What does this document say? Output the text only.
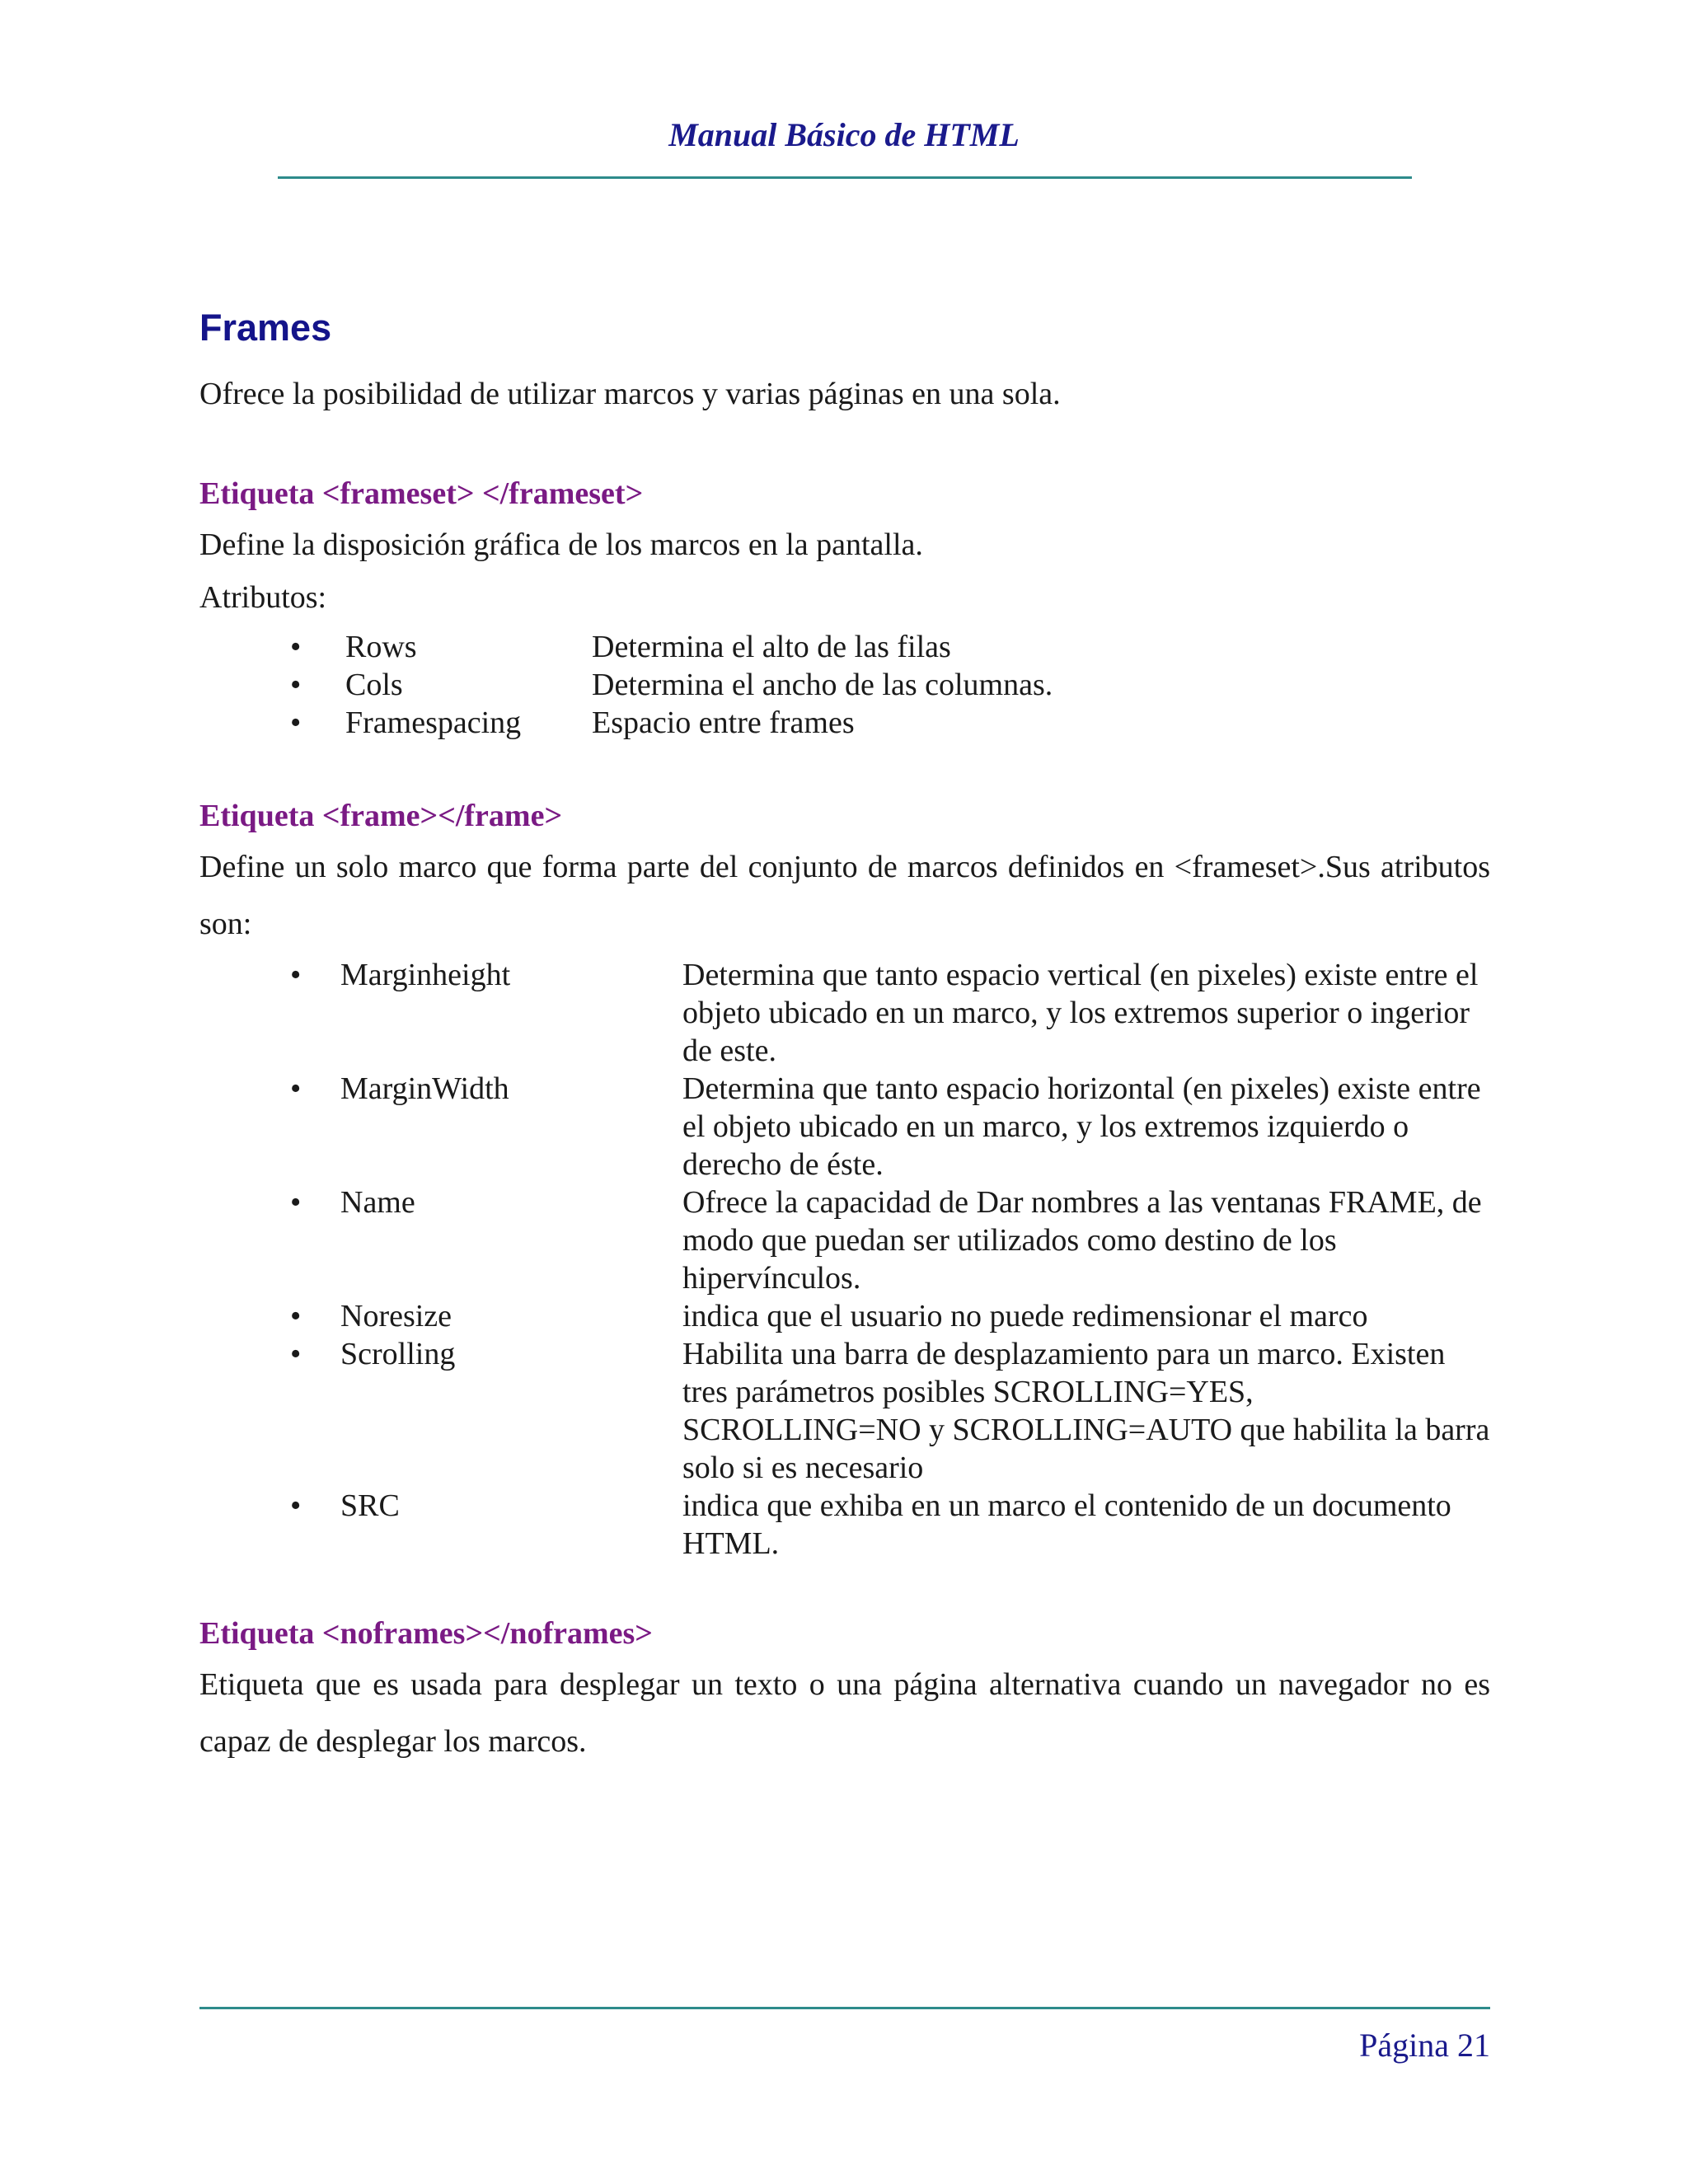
Manual Básico de HTML
Frames

Ofrece la posibilidad de utilizar marcos y varias páginas en una sola.

Etiqueta <frameset> </frameset>

Define la disposición gráfica de los marcos en la pantalla.

Atributos:

•	Rows	Determina el alto de las filas
•	Cols	Determina el ancho de las columnas.
•	Framespacing	Espacio entre frames
Etiqueta <frame></frame>

Define un solo marco que forma parte del conjunto de marcos definidos en <frameset>.Sus atributos son:

•	Marginheight	Determina que tanto espacio vertical (en pixeles) existe entre el objeto ubicado en un marco, y los extremos superior o ingerior de este.
•	MarginWidth	Determina que tanto espacio horizontal (en pixeles) existe entre el objeto ubicado en un marco, y los extremos izquierdo o derecho de éste.
•	Name	Ofrece la capacidad de Dar nombres a las ventanas FRAME, de modo que puedan ser utilizados como destino de los hipervínculos.
•	Noresize	indica que el usuario no puede redimensionar el marco
•	Scrolling	Habilita una barra de desplazamiento para un marco. Existen tres parámetros posibles SCROLLING=YES, SCROLLING=NO y SCROLLING=AUTO que habilita la barra solo si es necesario
•	SRC	indica que exhiba en un marco el contenido de un documento HTML.
Etiqueta <noframes></noframes>

Etiqueta que es usada para desplegar un texto o una página alternativa cuando un navegador no es capaz de desplegar los marcos.

Página 21
